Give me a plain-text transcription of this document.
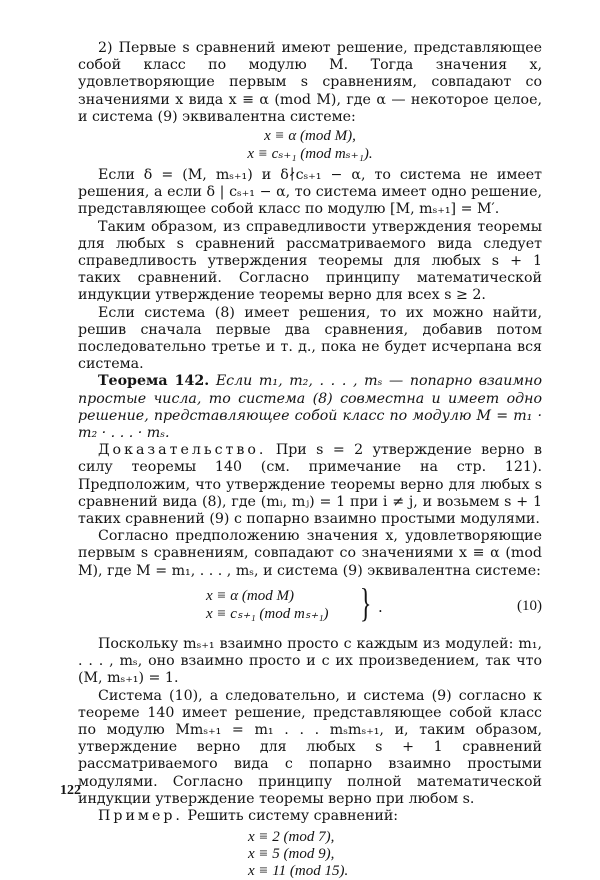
2) Первые s сравнений имеют решение, представляющее собой класс по модулю M. Тогда значения x, удовлетворяющие первым s сравнениям, совпадают со значениями x вида x ≡ α (mod M), где α — некоторое целое, и система (9) эквивалентна системе:

x ≡ α (mod M),
x ≡ cₛ₊₁ (mod mₛ₊₁).

Если δ = (M, mₛ₊₁) и δ∤cₛ₊₁ − α, то система не имеет решения, а если δ | cₛ₊₁ − α, то система имеет одно решение, представляющее собой класс по модулю [M, mₛ₊₁] = M′.

Таким образом, из справедливости утверждения теоремы для любых s сравнений рассматриваемого вида следует справедливость утверждения теоремы для любых s + 1 таких сравнений. Согласно принципу математической индукции утверждение теоремы верно для всех s ≥ 2.

Если система (8) имеет решения, то их можно найти, решив сначала первые два сравнения, добавив потом последовательно третье и т. д., пока не будет исчерпана вся система.

Теорема 142. Если m₁, m₂, . . . , mₛ — попарно взаимно простые числа, то система (8) совместна и имеет одно решение, представляющее собой класс по модулю M = m₁ · m₂ · . . . · mₛ.

Доказательство. При s = 2 утверждение верно в силу теоремы 140 (см. примечание на стр. 121). Предположим, что утверждение теоремы верно для любых s сравнений вида (8), где (mᵢ, mⱼ) = 1 при i ≠ j, и возьмем s + 1 таких сравнений (9) с попарно взаимно простыми модулями.

Согласно предположению значения x, удовлетворяющие первым s сравнениям, совпадают со значениями x ≡ α (mod M), где M = m₁, . . . , mₛ, и система (9) эквивалентна системе:

x ≡ α (mod M)
x ≡ cₛ₊₁ (mod mₛ₊₁) } .	(10)

Поскольку mₛ₊₁ взаимно просто с каждым из модулей: m₁, . . . , mₛ, оно взаимно просто и с их произведением, так что (M, mₛ₊₁) = 1.

Система (10), а следовательно, и система (9) согласно к теореме 140 имеет решение, представляющее собой класс по модулю Mmₛ₊₁ = m₁ . . . mₛmₛ₊₁, и, таким образом, утверждение верно для любых s + 1 сравнений рассматриваемого вида с попарно взаимно простыми модулями. Согласно принципу полной математической индукции утверждение теоремы верно при любом s.

Пример. Решить систему сравнений:

x ≡ 2 (mod 7),
x ≡ 5 (mod 9),
x ≡ 11 (mod 15).
122
